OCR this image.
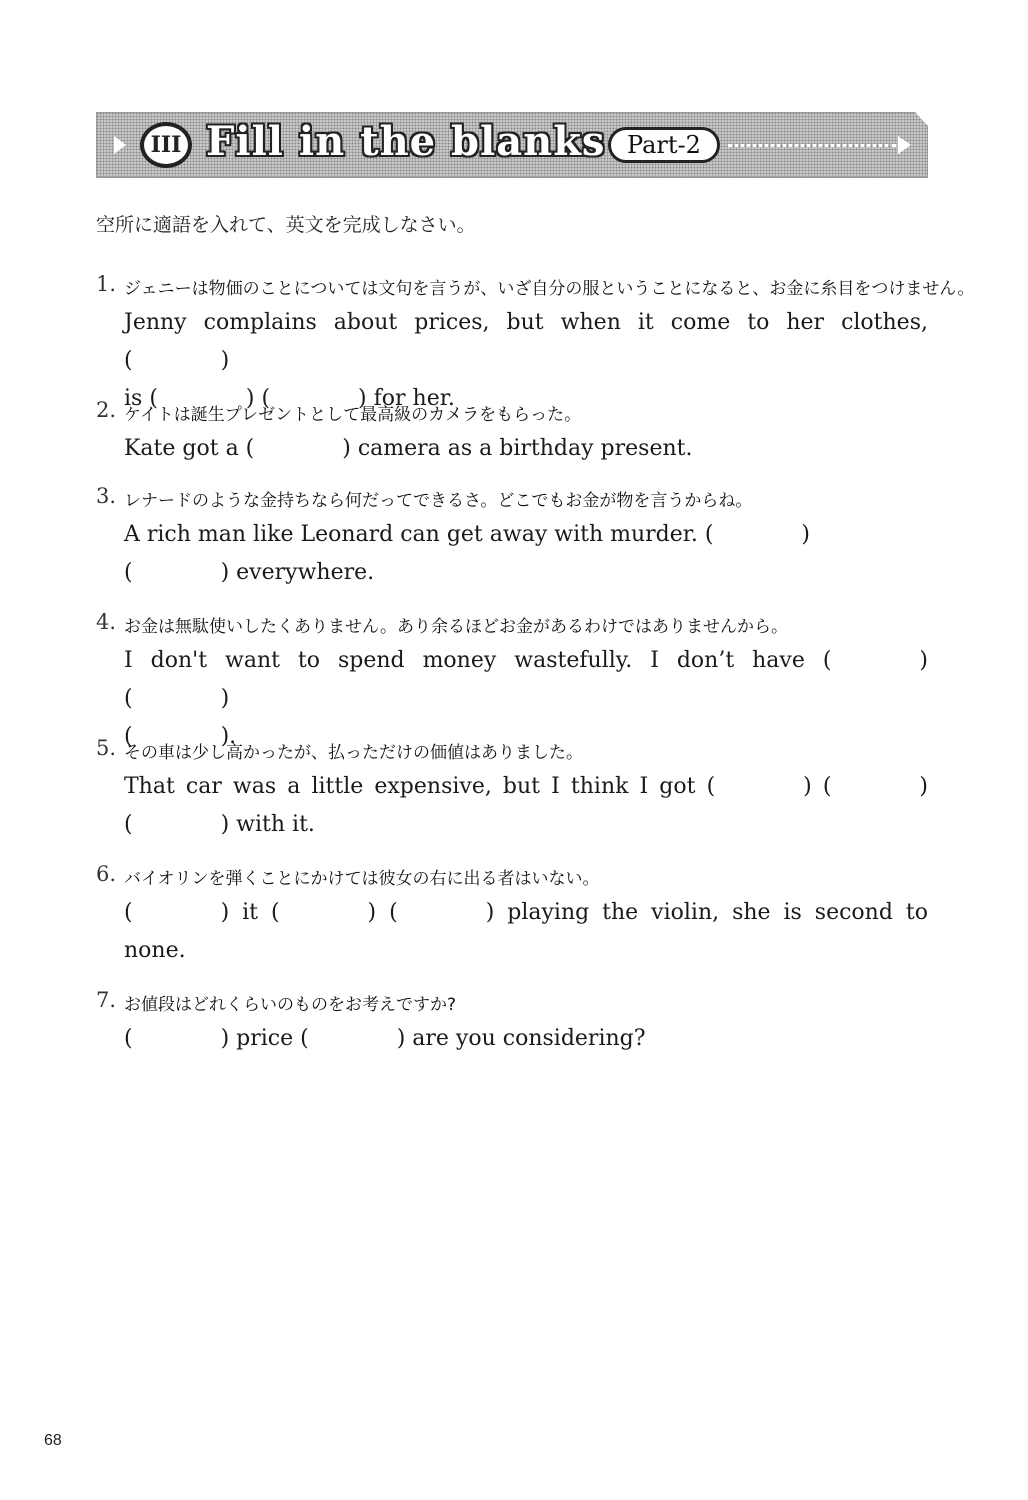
III Fill in the blanks Part-2
空所に適語を入れて、英文を完成しなさい。
1. ジェニーは物価のことについては文句を言うが、いざ自分の服ということになると、お金に糸目をつけません。
Jenny complains about prices, but when it come to her clothes, (    )
is (    ) (    ) for her.
2. ケイトは誕生プレゼントとして最高級のカメラをもらった。
Kate got a (    ) camera as a birthday present.
3. レナードのような金持ちなら何だってできるさ。どこでもお金が物を言うからね。
A rich man like Leonard can get away with murder. (    )
(    ) everywhere.
4. お金は無駄使いしたくありません。あり余るほどお金があるわけではありませんから。
I don't want to spend money wastefully. I don’t have (    ) (    )
(    ).
5. その車は少し高かったが、払っただけの価値はありました。
That car was a little expensive, but I think I got (    ) (    )
(    ) with it.
6. バイオリンを弾くことにかけては彼女の右に出る者はいない。
(    ) it (    ) (    ) playing the violin, she is second to
none.
7. お値段はどれくらいのものをお考えですか?
(    ) price (    ) are you considering?
68
